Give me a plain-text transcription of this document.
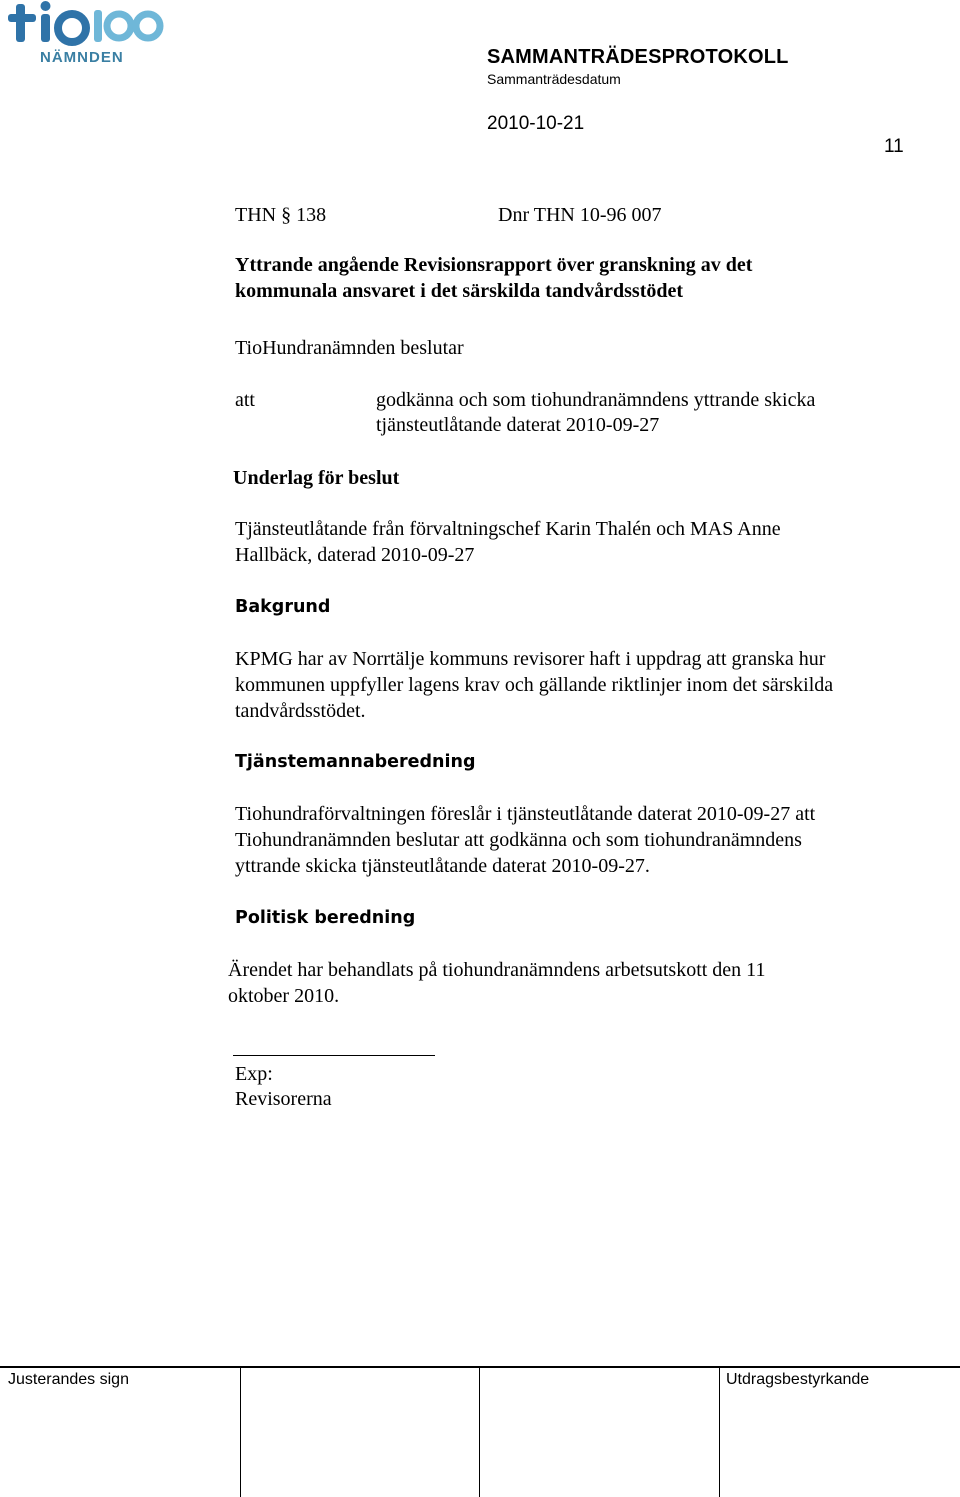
NÄMNDEN	SAMMANTRÄDESPROTOKOLL
Sammanträdesdatum
2010-10-21
11
THN § 138	Dnr THN 10-96 007
Yttrande angående Revisionsrapport över granskning av det
kommunala ansvaret i det särskilda tandvårdsstödet
TioHundranämnden beslutar
att	godkänna och som tiohundranämndens yttrande skicka
tjänsteutlåtande daterat 2010-09-27
Underlag för beslut
Tjänsteutlåtande från förvaltningschef Karin Thalén och MAS Anne
Hallbäck, daterad 2010-09-27
Bakgrund
KPMG har av Norrtälje kommuns revisorer haft i uppdrag att granska hur
kommunen uppfyller lagens krav och gällande riktlinjer inom det särskilda
tandvårdsstödet.
Tjänstemannaberedning
Tiohundraförvaltningen föreslår i tjänsteutlåtande daterat 2010-09-27 att
Tiohundranämnden beslutar att godkänna och som tiohundranämndens
yttrande skicka tjänsteutlåtande daterat 2010-09-27.
Politisk beredning
Ärendet har behandlats på tiohundranämndens arbetsutskott den 11
oktober 2010.
Exp:
Revisorerna
Justerandes sign	Utdragsbestyrkande
